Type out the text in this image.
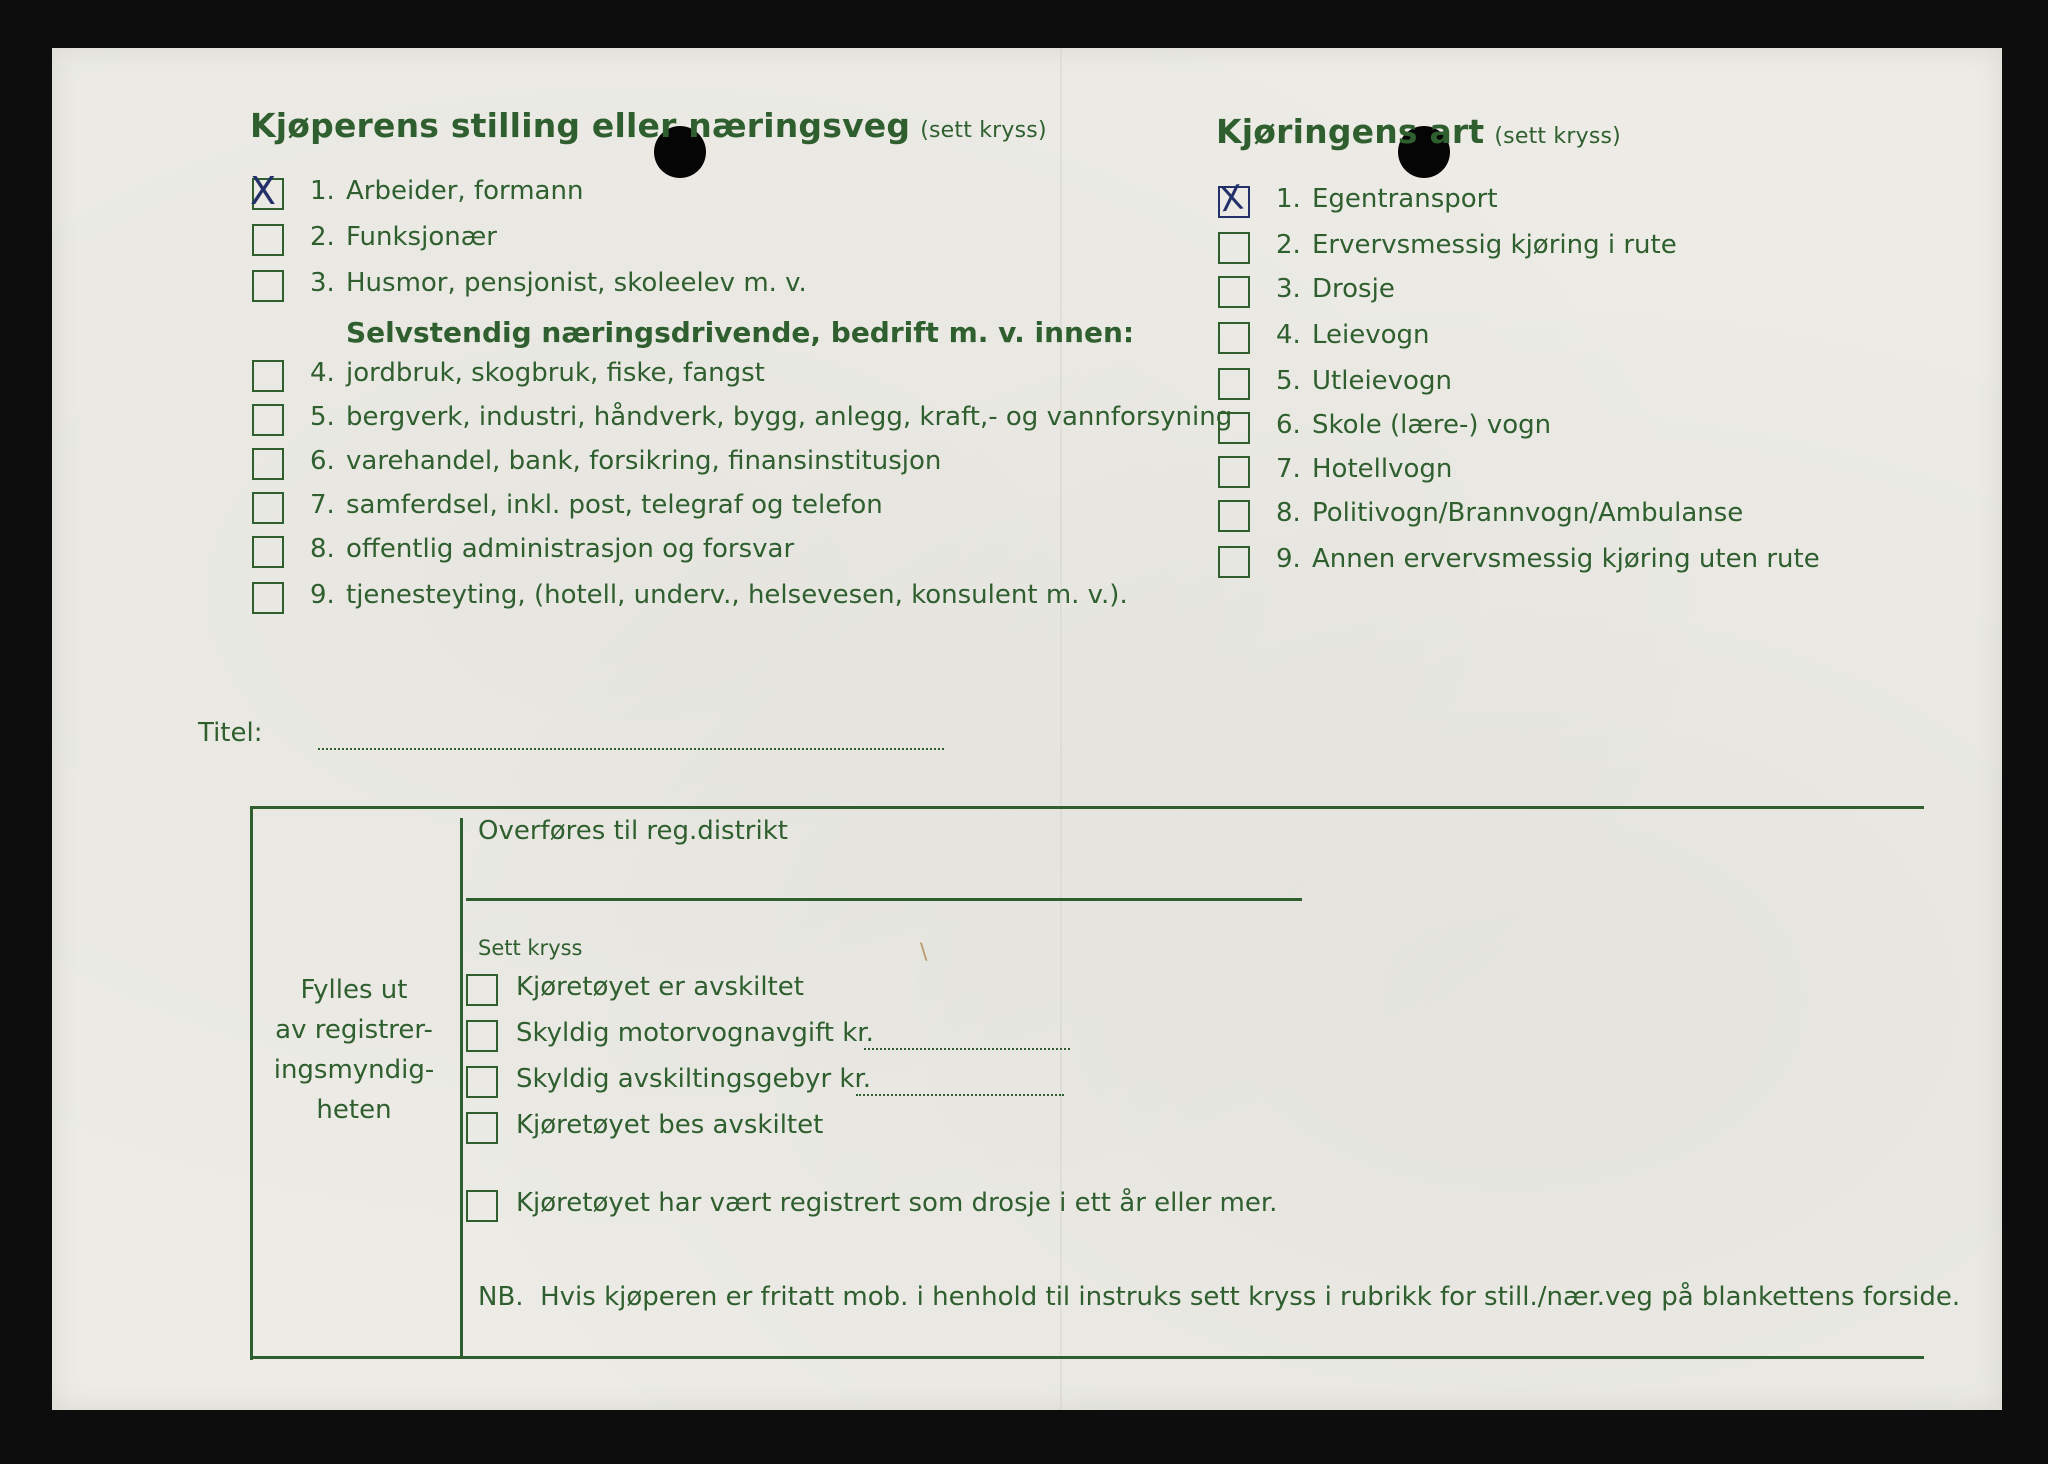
Kjøperens stilling eller næringsveg (sett kryss)
X 1. Arbeider, formann
2. Funksjonær
3. Husmor, pensjonist, skoleelev m. v.
Selvstendig næringsdrivende, bedrift m. v. innen:
4. jordbruk, skogbruk, fiske, fangst
5. bergverk, industri, håndverk, bygg, anlegg, kraft,- og vannforsyning
6. varehandel, bank, forsikring, finansinstitusjon
7. samferdsel, inkl. post, telegraf og telefon
8. offentlig administrasjon og forsvar
9. tjenesteyting, (hotell, underv., helsevesen, konsulent m. v.).
Kjøringens art (sett kryss)
X 1. Egentransport
2. Ervervsmessig kjøring i rute
3. Drosje
4. Leievogn
5. Utleievogn
6. Skole (lære-) vogn
7. Hotellvogn
8. Politivogn/Brannvogn/Ambulanse
9. Annen ervervsmessig kjøring uten rute
Titel:
Fylles ut
av registrer-
ingsmyndig-
heten
Overføres til reg.distrikt
Sett kryss
Kjøretøyet er avskiltet
Skyldig motorvognavgift kr.
Skyldig avskiltingsgebyr kr.
Kjøretøyet bes avskiltet
Kjøretøyet har vært registrert som drosje i ett år eller mer.
NB. Hvis kjøperen er fritatt mob. i henhold til instruks sett kryss i rubrikk for still./nær.veg på blankettens forside.
\
